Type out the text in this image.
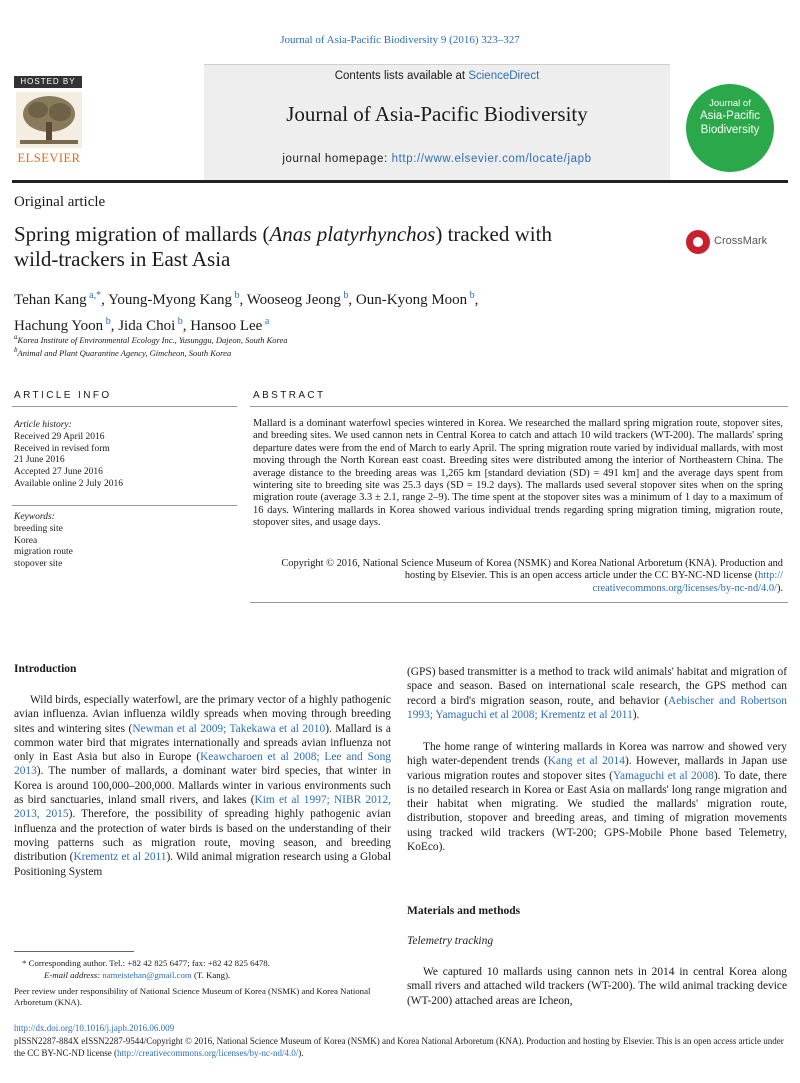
Journal of Asia-Pacific Biodiversity 9 (2016) 323–327
Contents lists available at ScienceDirect
Journal of Asia-Pacific Biodiversity
journal homepage: http://www.elsevier.com/locate/japb
HOSTED BY
ELSEVIER
Journal of
Asia-Pacific
Biodiversity
Original article
Spring migration of mallards (Anas platyrhynchos) tracked with
wild-trackers in East Asia
CrossMark
Tehan Kang $^{a,*}$, Young-Myong Kang $^b$, Wooseog Jeong $^b$, Oun-Kyong Moon $^b$,
Hachung Yoon $^b$, Jida Choi $^b$, Hansoo Lee $^a$
$^a$Korea Institute of Environmental Ecology Inc., Yusunggu, Dajeon, South Korea
$^b$Animal and Plant Quarantine Agency, Gimcheon, South Korea
ARTICLE INFO	ABSTRACT
Article history:
Received 29 April 2016
Received in revised form
21 June 2016
Accepted 27 June 2016
Available online 2 July 2016
Keywords:
breeding site
Korea
migration route
stopover site
Mallard is a dominant waterfowl species wintered in Korea. We researched the mallard spring migration route, stopover sites, and breeding sites. We used cannon nets in Central Korea to catch and attach 10 wild trackers (WT-200). The mallards' spring departure dates were from the end of March to early April. The spring migration route varied by individual mallards, with most moving through the North Korean east coast. Breeding sites were distributed among the interior of Northeastern China. The average distance to the breeding areas was 1,265 km [standard deviation (SD) = 491 km] and the average days spent from wintering site to breeding site was 25.3 days (SD = 19.2 days). The mallards used several stopover sites when on the spring migration route (average 3.3 ± 2.1, range 2–9). The time spent at the stopover sites was a minimum of 1 day to a maximum of 16 days. Wintering mallards in Korea showed various individual trends regarding spring migration timing, migration route, stopover sites, and usage days.
Copyright © 2016, National Science Museum of Korea (NSMK) and Korea National Arboretum (KNA). Production and hosting by Elsevier. This is an open access article under the CC BY-NC-ND license (http://
creativecommons.org/licenses/by-nc-nd/4.0/).
Introduction
Wild birds, especially waterfowl, are the primary vector of a highly pathogenic avian influenza. Avian influenza wildly spreads when moving through breeding sites and wintering sites (Newman et al 2009; Takekawa et al 2010). Mallard is a common water bird that migrates internationally and spreads avian influenza not only in East Asia but also in Europe (Keawcharoen et al 2008; Lee and Song 2013). The number of mallards, a dominant water bird species, that winter in Korea is around 100,000–200,000. Mallards winter in various environments such as bird sanctuaries, inland small rivers, and lakes (Kim et al 1997; NIBR 2012, 2013, 2015). Therefore, the possibility of spreading highly pathogenic avian influenza and the protection of water birds is based on the understanding of their moving patterns such as migration route, moving season, and breeding distribution (Krementz et al 2011). Wild animal migration research using a Global Positioning System
(GPS) based transmitter is a method to track wild animals' habitat and migration of space and season. Based on international scale research, the GPS method can record a bird's migration season, route, and behavior (Aebischer and Robertson 1993; Yamaguchi et al 2008; Krementz et al 2011).
The home range of wintering mallards in Korea was narrow and showed very high water-dependent trends (Kang et al 2014). However, mallards in Japan use various migration routes and stopover sites (Yamaguchi et al 2008). To date, there is no detailed research in Korea or East Asia on mallards' long range migration and their habitat when migrating. We studied the mallards' migration route, distribution, stopover and breeding areas, and timing of migration movements using tracked wild trackers (WT-200; GPS-Mobile Phone based Telemetry, KoEco).
Materials and methods
Telemetry tracking
We captured 10 mallards using cannon nets in 2014 in central Korea along small rivers and attached wild trackers (WT-200). The wild animal tracking device (WT-200) attached areas are Icheon,
* Corresponding author. Tel.: +82 42 825 6477; fax: +82 42 825 6478.
E-mail address: nameistehan@gmail.com (T. Kang).
Peer review under responsibility of National Science Museum of Korea (NSMK) and Korea National Arboretum (KNA).
http://dx.doi.org/10.1016/j.japb.2016.06.009
pISSN2287-884X eISSN2287-9544/Copyright © 2016, National Science Museum of Korea (NSMK) and Korea National Arboretum (KNA). Production and hosting by Elsevier. This is an open access article under the CC BY-NC-ND license (http://creativecommons.org/licenses/by-nc-nd/4.0/).
